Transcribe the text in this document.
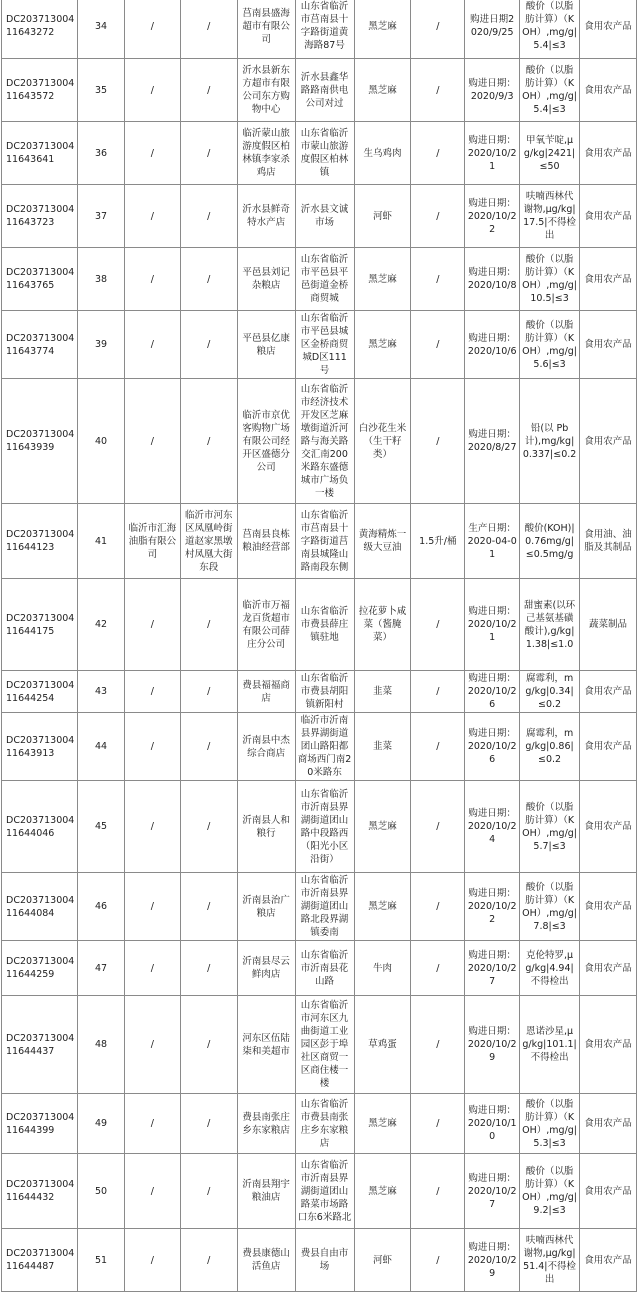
DC20371300411643272	34	/	/	莒南县盛海超市有限公司	山东省临沂市莒南县十字路街道黄海路87号	黑芝麻	/	购进日期2020/9/25	酸价（以脂肪计算）（KOH）,mg/g|5.4|≤3	食用农产品
DC20371300411643572	35	/	/	沂水县新东方超市有限公司东方购物中心	沂水县鑫华路路南供电公司对过	黑芝麻	/	购进日期：2020/9/3	酸价（以脂肪计算）（KOH）,mg/g|5.4|≤3	食用农产品
DC20371300411643641	36	/	/	临沂蒙山旅游度假区柏林镇李家杀鸡店	山东省临沂市蒙山旅游度假区柏林镇	生乌鸡肉	/	购进日期：2020/10/21	甲氧苄啶,μg/kg|2421|≤50	食用农产品
DC20371300411643723	37	/	/	沂水县鲜奇特水产店	沂水县文诚市场	河虾	/	购进日期：2020/10/22	呋喃西林代谢物,μg/kg|17.5|不得检出	食用农产品
DC20371300411643765	38	/	/	平邑县刘记杂粮店	山东省临沂市平邑县平邑街道金桥商贸城	黑芝麻	/	购进日期：2020/10/8	酸价（以脂肪计算）（KOH）,mg/g|10.5|≤3	食用农产品
DC20371300411643774	39	/	/	平邑县亿康粮店	山东省临沂市平邑县城区金桥商贸城D区111号	黑芝麻	/	购进日期：2020/10/6	酸价（以脂肪计算）（KOH）,mg/g|5.6|≤3	食用农产品
DC20371300411643939	40	/	/	临沂市京优客购物广场有限公司经开区盛德分公司	山东省临沂市经济技术开发区芝麻墩街道沂河路与海关路交汇南200米路东盛德城市广场负一楼	白沙花生米（生干籽类）	/	购进日期：2020/8/27	铅(以 Pb 计),mg/kg|0.337|≤0.2	食用农产品
DC20371300411644123	41	临沂市汇海油脂有限公司	临沂市河东区凤凰岭街道赵家黑墩村凤凰大街东段	莒南县良栋粮油经营部	山东省临沂市莒南县十字路街道莒南县城隆山路南段东侧	黄海精炼一级大豆油	1.5升/桶	生产日期：2020-04-01	酸价(KOH)|0.76mg/g|≤0.5mg/g	食用油、油脂及其制品
DC20371300411644175	42	/	/	临沂市万福龙百货超市有限公司薛庄分公司	山东省临沂市费县薛庄镇驻地	拉花萝卜咸菜（酱腌菜）	/	购进日期：2020/10/21	甜蜜素(以环己基氨基磺酸计),g/kg|1.38|≤1.0	蔬菜制品
DC20371300411644254	43	/	/	费县福福商店	山东省临沂市费县胡阳镇新阳村	韭菜	/	购进日期：2020/10/26	腐霉利，mg/kg|0.34|≤0.2	食用农产品
DC20371300411643913	44	/	/	沂南县中杰综合商店	临沂市沂南县界湖街道团山路阳都商场西门南20米路东	韭菜	/	购进日期：2020/10/26	腐霉利，mg/kg|0.86|≤0.2	食用农产品
DC20371300411644046	45	/	/	沂南县人和粮行	山东省临沂市沂南县界湖街道团山路中段路西（阳光小区沿街）	黑芝麻	/	购进日期：2020/10/24	酸价（以脂肪计算）（KOH）,mg/g|5.7|≤3	食用农产品
DC20371300411644084	46	/	/	沂南县治广粮店	山东省临沂市沂南县界湖街道团山路北段界湖镇委南	黑芝麻	/	购进日期：2020/10/22	酸价（以脂肪计算）（KOH）,mg/g|7.8|≤3	食用农产品
DC20371300411644259	47	/	/	沂南县尽云鲜肉店	山东省临沂市沂南县花山路	牛肉	/	购进日期：2020/10/27	克伦特罗,μg/kg|4.94|不得检出	食用农产品
DC20371300411644437	48	/	/	河东区伍陆柒和美超市	山东省临沂市河东区九曲街道工业园区彭于埠社区商贸一区商住楼一楼	草鸡蛋	/	购进日期：2020/10/29	恩诺沙星,μg/kg|101.1|不得检出	食用农产品
DC20371300411644399	49	/	/	费县南张庄乡东家粮店	山东省临沂市费县南张庄乡东家粮店	黑芝麻	/	购进日期：2020/10/10	酸价（以脂肪计算）（KOH）,mg/g|5.3|≤3	食用农产品
DC20371300411644432	50	/	/	沂南县翔宇粮油店	山东省临沂市沂南县界湖街道团山路菜市场路口东6米路北	黑芝麻	/	购进日期：2020/10/27	酸价（以脂肪计算）（KOH）,mg/g|9.2|≤3	食用农产品
DC20371300411644487	51	/	/	费县康德山活鱼店	费县自由市场	河虾	/	购进日期：2020/10/29	呋喃西林代谢物,μg/kg|51.4|不得检出	食用农产品
